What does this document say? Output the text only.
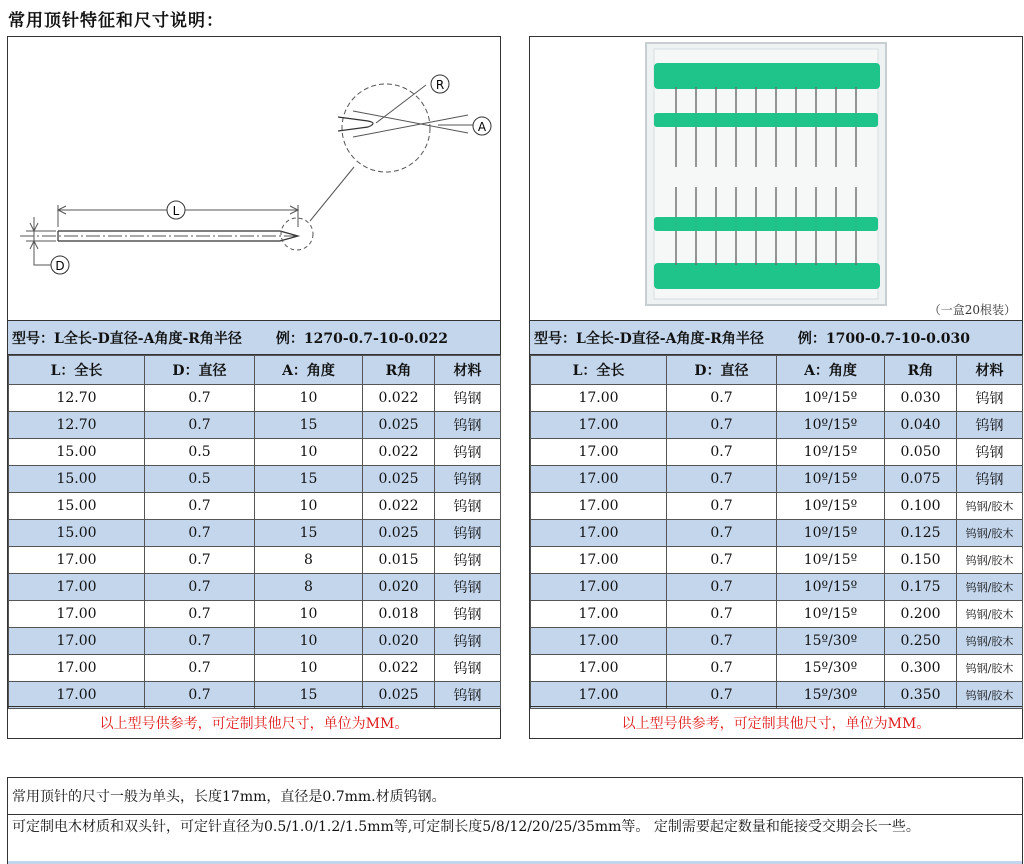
常用顶针特征和尺寸说明：
R
A
L
D
型号：L全长-D直径-A角度-R角半径 例：1270-0.7-10-0.022
L：全长	D：直径	A：角度	R角	材料
12.70	0.7	10	0.022	钨钢
12.70	0.7	15	0.025	钨钢
15.00	0.5	10	0.022	钨钢
15.00	0.5	15	0.025	钨钢
15.00	0.7	10	0.022	钨钢
15.00	0.7	15	0.025	钨钢
17.00	0.7	8	0.015	钨钢
17.00	0.7	8	0.020	钨钢
17.00	0.7	10	0.018	钨钢
17.00	0.7	10	0.020	钨钢
17.00	0.7	10	0.022	钨钢
17.00	0.7	15	0.025	钨钢
以上型号供参考，可定制其他尺寸，单位为MM。
（一盒20根装）
型号：L全长-D直径-A角度-R角半径 例：1700-0.7-10-0.030
L：全长	D：直径	A：角度	R角	材料
17.00	0.7	10º/15º	0.030	钨钢
17.00	0.7	10º/15º	0.040	钨钢
17.00	0.7	10º/15º	0.050	钨钢
17.00	0.7	10º/15º	0.075	钨钢
17.00	0.7	10º/15º	0.100	钨钢/胶木
17.00	0.7	10º/15º	0.125	钨钢/胶木
17.00	0.7	10º/15º	0.150	钨钢/胶木
17.00	0.7	10º/15º	0.175	钨钢/胶木
17.00	0.7	10º/15º	0.200	钨钢/胶木
17.00	0.7	15º/30º	0.250	钨钢/胶木
17.00	0.7	15º/30º	0.300	钨钢/胶木
17.00	0.7	15º/30º	0.350	钨钢/胶木
以上型号供参考，可定制其他尺寸，单位为MM。
常用顶针的尺寸一般为单头，长度17mm，直径是0.7mm.材质钨钢。
可定制电木材质和双头针，可定针直径为0.5/1.0/1.2/1.5mm等,可定制长度5/8/12/20/25/35mm等。 定制需要起定数量和能接受交期会长一些。
